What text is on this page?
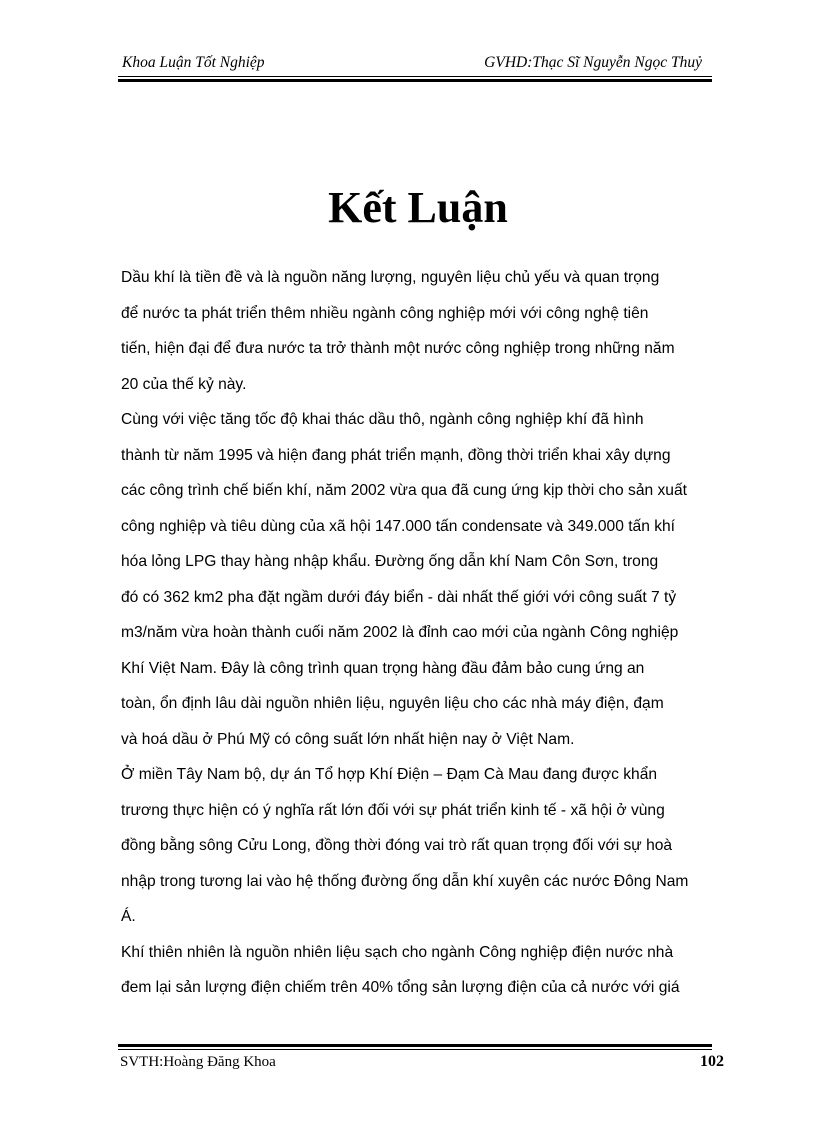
Khoa Luận Tốt Nghiệp	GVHD:Thạc Sĩ Nguyễn Ngọc Thuỷ
Kết Luận
Dầu khí là tiền đề và là nguồn năng lượng, nguyên liệu chủ yếu và quan trọng
để nước ta phát triển thêm nhiều ngành công nghiệp mới với công nghệ tiên
tiến, hiện đại để đưa nước ta trở thành một nước công nghiệp trong những năm
20 của thế kỷ này.
Cùng với việc tăng tốc độ khai thác dầu thô, ngành công nghiệp khí đã hình
thành từ năm 1995 và hiện đang phát triển mạnh, đồng thời triển khai xây dựng
các công trình chế biến khí, năm 2002 vừa qua đã cung ứng kịp thời cho sản xuất
công nghiệp và tiêu dùng của xã hội 147.000 tấn condensate và 349.000 tấn khí
hóa lỏng LPG thay hàng nhập khẩu. Đường ống dẫn khí Nam Côn Sơn, trong
đó có 362 km2 pha đặt ngầm dưới đáy biển - dài nhất thế giới với công suất 7 tỷ
m3/năm vừa hoàn thành cuối năm 2002 là đỉnh cao mới của ngành Công nghiệp
Khí Việt Nam. Đây là công trình quan trọng hàng đầu đảm bảo cung ứng an
toàn, ổn định lâu dài nguồn nhiên liệu, nguyên liệu cho các nhà máy điện, đạm
và hoá dầu ở Phú Mỹ có công suất lớn nhất hiện nay ở Việt Nam.
Ở miền Tây Nam bộ, dự án Tổ hợp Khí Điện – Đạm Cà Mau đang được khẩn
trương thực hiện có ý nghĩa rất lớn đối với sự phát triển kinh tế - xã hội ở vùng
đồng bằng sông Cửu Long, đồng thời đóng vai trò rất quan trọng đối với sự hoà
nhập trong tương lai vào hệ thống đường ống dẫn khí xuyên các nước Đông Nam
Á.
Khí thiên nhiên là nguồn nhiên liệu sạch cho ngành Công nghiệp điện nước nhà
đem lại sản lượng điện chiếm trên 40% tổng sản lượng điện của cả nước với giá
SVTH:Hoàng Đăng Khoa	102
